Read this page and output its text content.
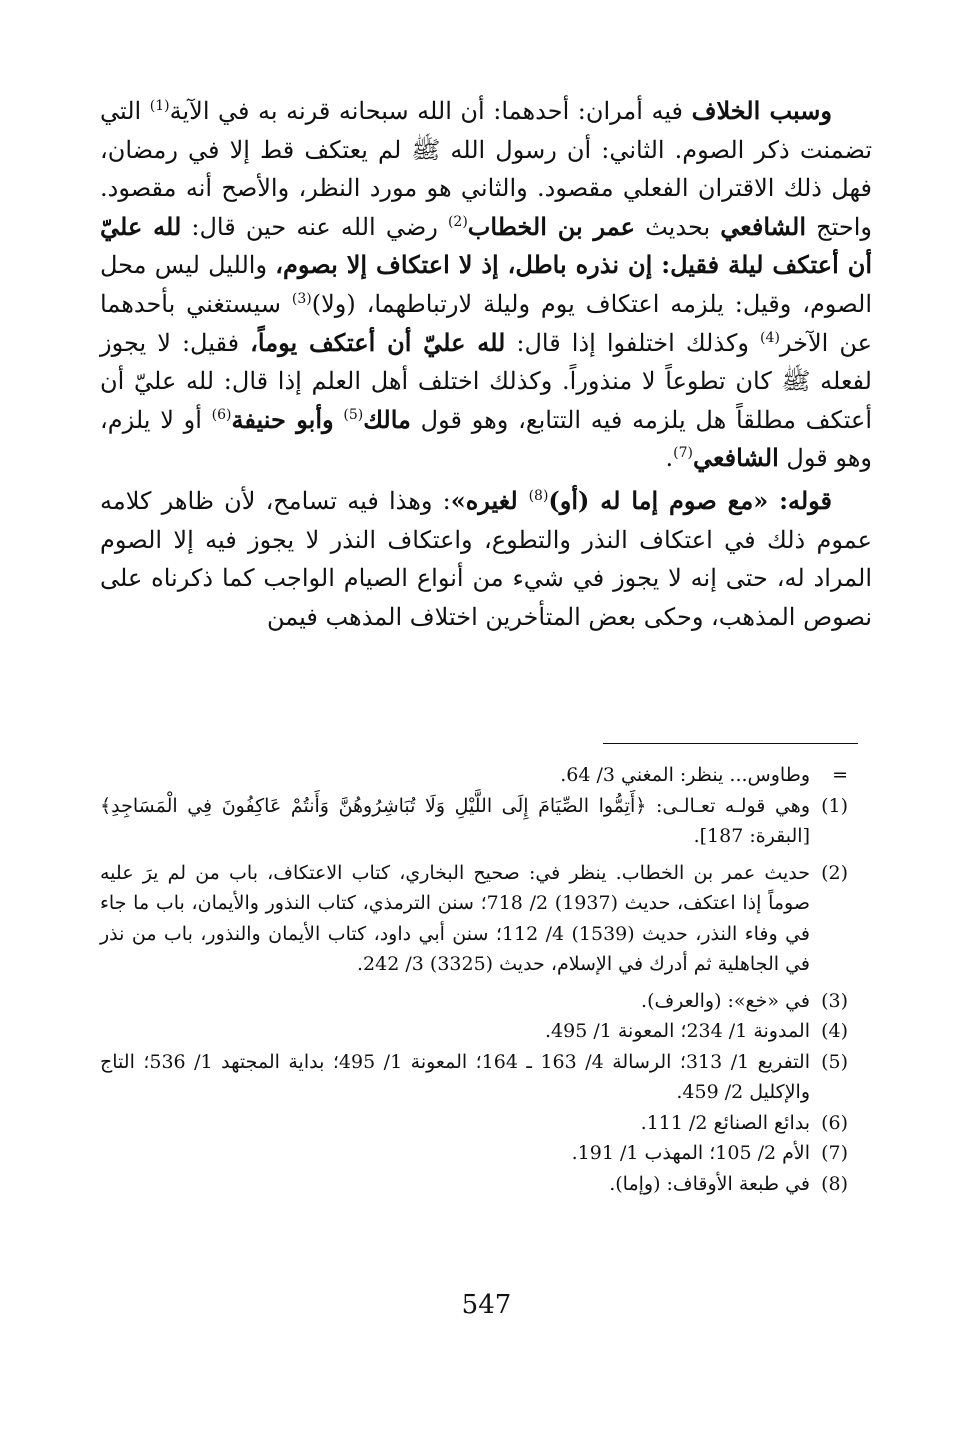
وسبب الخلاف فيه أمران: أحدهما: أن الله سبحانه قرنه به في الآية$^{(1)}$ التي تضمنت ذكر الصوم. الثاني: أن رسول الله ﷺ لم يعتكف قط إلا في رمضان، فهل ذلك الاقتران الفعلي مقصود. والثاني هو مورد النظر، والأصح أنه مقصود. واحتج الشافعي بحديث عمر بن الخطاب$^{(2)}$ رضي الله عنه حين قال: لله عليّ أن أعتكف ليلة فقيل: إن نذره باطل، إذ لا اعتكاف إلا بصوم، والليل ليس محل الصوم، وقيل: يلزمه اعتكاف يوم وليلة لارتباطهما، (ولا)$^{(3)}$ سيستغني بأحدهما عن الآخر$^{(4)}$ وكذلك اختلفوا إذا قال: لله عليّ أن أعتكف يوماً، فقيل: لا يجوز لفعله ﷺ كان تطوعاً لا منذوراً. وكذلك اختلف أهل العلم إذا قال: لله عليّ أن أعتكف مطلقاً هل يلزمه فيه التتابع، وهو قول مالك$^{(5)}$ وأبو حنيفة$^{(6)}$ أو لا يلزم، وهو قول الشافعي$^{(7)}$.

قوله: «مع صوم إما له (أو)$^{(8)}$ لغيره»: وهذا فيه تسامح، لأن ظاهر كلامه عموم ذلك في اعتكاف النذر والتطوع، واعتكاف النذر لا يجوز فيه إلا الصوم المراد له، حتى إنه لا يجوز في شيء من أنواع الصيام الواجب كما ذكرناه على نصوص المذهب، وحكى بعض المتأخرين اختلاف المذهب فيمن

=
وطاوس... ينظر: المغني 3/ 64.
(1)
وهي قولـه تعـالـى: ﴿أَتِمُّوا الصِّيَامَ إِلَى اللَّيْلِ وَلَا تُبَاشِرُوهُنَّ وَأَنتُمْ عَاكِفُونَ فِي الْمَسَاجِدِ﴾ [البقرة: 187].
(2)
حديث عمر بن الخطاب. ينظر في: صحيح البخاري، كتاب الاعتكاف، باب من لم يرَ عليه صوماً إذا اعتكف، حديث (1937) 2/ 718؛ سنن الترمذي، كتاب النذور والأيمان، باب ما جاء في وفاء النذر، حديث (1539) 4/ 112؛ سنن أبي داود، كتاب الأيمان والنذور، باب من نذر في الجاهلية ثم أدرك في الإسلام، حديث (3325) 3/ 242.
(3)
في «خع»: (والعرف).
(4)
المدونة 1/ 234؛ المعونة 1/ 495.
(5)
التفريع 1/ 313؛ الرسالة 4/ 163 ـ 164؛ المعونة 1/ 495؛ بداية المجتهد 1/ 536؛ التاج والإكليل 2/ 459.
(6)
بدائع الصنائع 2/ 111.
(7)
الأم 2/ 105؛ المهذب 1/ 191.
(8)
في طبعة الأوقاف: (وإما).
547
